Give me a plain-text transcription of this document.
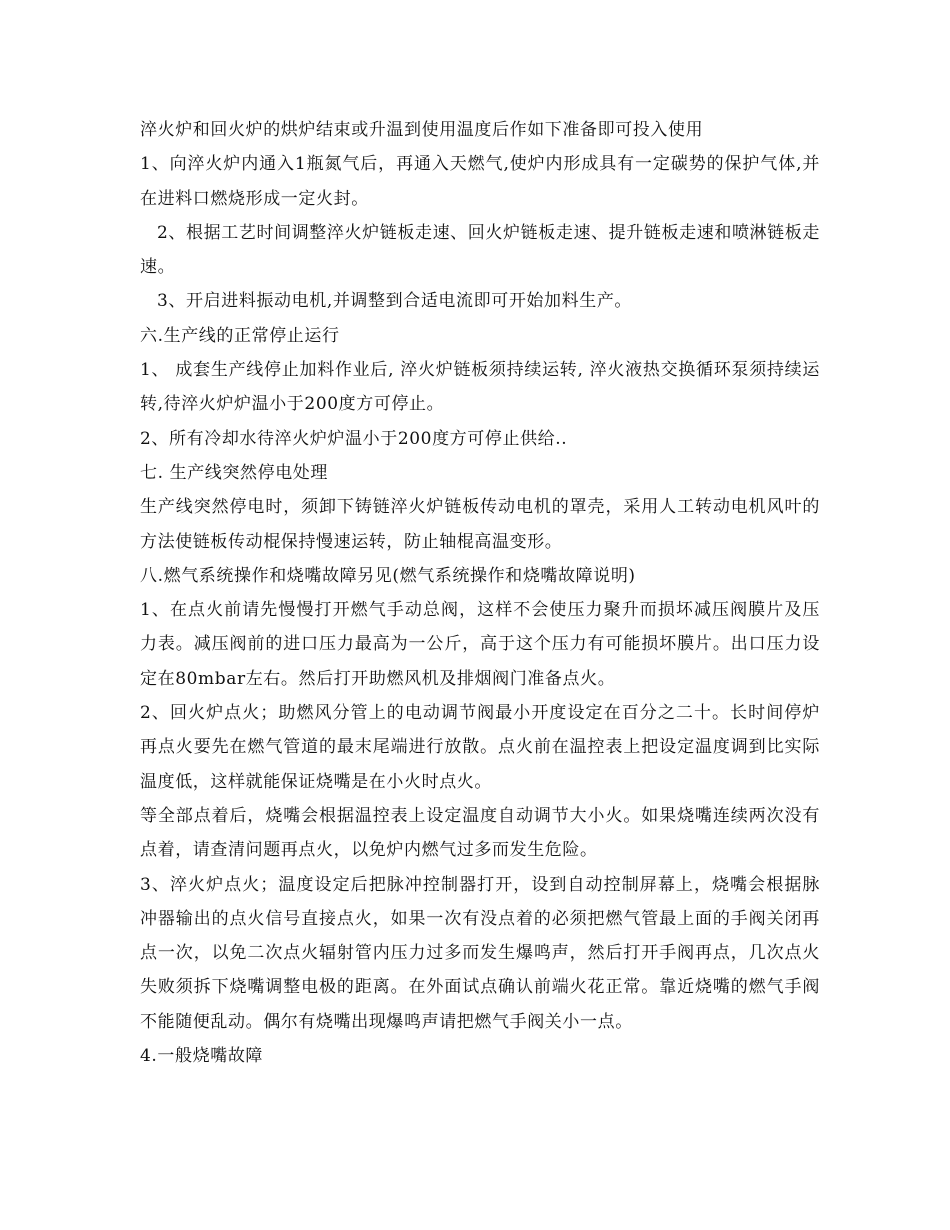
淬火炉和回火炉的烘炉结束或升温到使用温度后作如下准备即可投入使用

1、向淬火炉内通入1瓶氮气后，再通入天燃气,使炉内形成具有一定碳势的保护气体,并在进料口燃烧形成一定火封。

2、根据工艺时间调整淬火炉链板走速、回火炉链板走速、提升链板走速和喷淋链板走速。

3、开启进料振动电机,并调整到合适电流即可开始加料生产。

六.生产线的正常停止运行

1、 成套生产线停止加料作业后, 淬火炉链板须持续运转, 淬火液热交换循环泵须持续运转,待淬火炉炉温小于200度方可停止。

2、所有冷却水待淬火炉炉温小于200度方可停止供给..

七. 生产线突然停电处理

生产线突然停电时，须卸下铸链淬火炉链板传动电机的罩壳，采用人工转动电机风叶的方法使链板传动棍保持慢速运转，防止轴棍高温变形。

八.燃气系统操作和烧嘴故障另见(燃气系统操作和烧嘴故障说明)

1、在点火前请先慢慢打开燃气手动总阀，这样不会使压力聚升而损坏减压阀膜片及压力表。减压阀前的进口压力最高为一公斤，高于这个压力有可能损坏膜片。出口压力设定在80mbar左右。然后打开助燃风机及排烟阀门准备点火。

2、回火炉点火；助燃风分管上的电动调节阀最小开度设定在百分之二十。长时间停炉再点火要先在燃气管道的最末尾端进行放散。点火前在温控表上把设定温度调到比实际温度低，这样就能保证烧嘴是在小火时点火。

等全部点着后，烧嘴会根据温控表上设定温度自动调节大小火。如果烧嘴连续两次没有点着，请查清问题再点火，以免炉内燃气过多而发生危险。

3、淬火炉点火；温度设定后把脉冲控制器打开，设到自动控制屏幕上，烧嘴会根据脉冲器输出的点火信号直接点火，如果一次有没点着的必须把燃气管最上面的手阀关闭再点一次，以免二次点火辐射管内压力过多而发生爆鸣声，然后打开手阀再点，几次点火失败须拆下烧嘴调整电极的距离。在外面试点确认前端火花正常。靠近烧嘴的燃气手阀不能随便乱动。偶尔有烧嘴出现爆鸣声请把燃气手阀关小一点。

4.一般烧嘴故障
